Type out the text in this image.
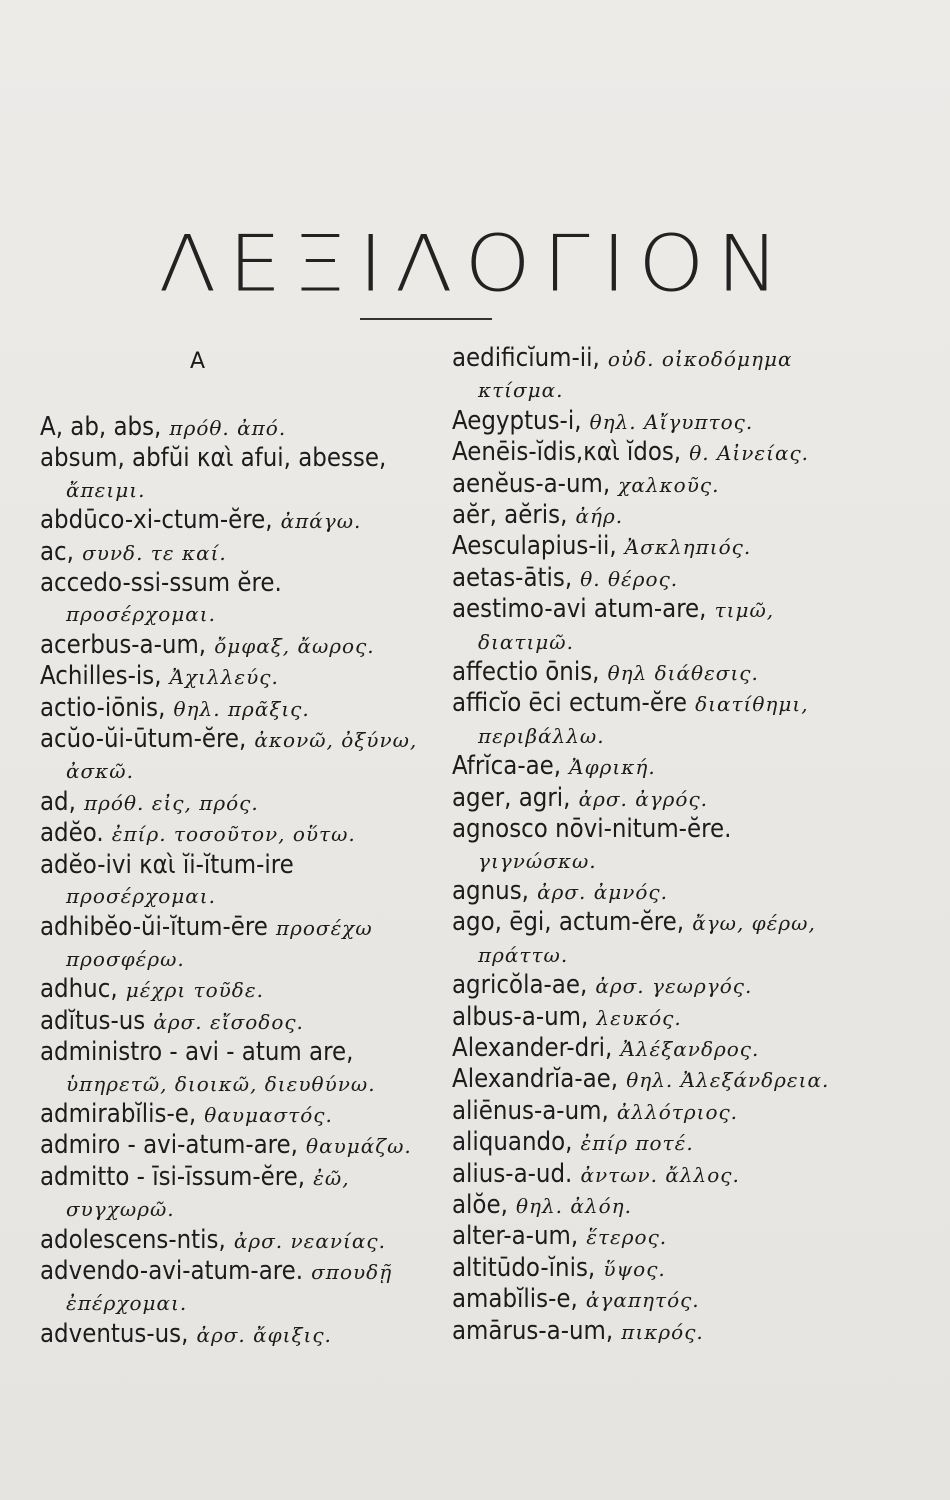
ΛΕΞΙΛΟΓΙΟΝ
A

A, ab, abs, πρόθ. ἀπό.

absum, abfŭi καὶ afui, abesse, ἄπειμι.

abdūco-xi-ctum-ĕre, ἀπάγω.

ac, συνδ. τε καί.

accedo-ssi-ssum ĕre. προσέρχομαι.

acerbus-a-um, ὄμφαξ, ἄωρος.

Achilles-is, Ἀχιλλεύς.

actio-iōnis, θηλ. πρᾶξις.

acŭo-ŭi-ūtum-ĕre, ἀκονῶ, ὀξύνω, ἀσκῶ.

ad, πρόθ. εἰς, πρός.

adĕo. ἐπίρ. τοσοῦτον, οὕτω.

adĕo-ivi καὶ ĭi-ĭtum-ire προσέρχομαι.

adhibĕo-ŭi-ĭtum-ēre προσέχω προσφέρω.

adhuc, μέχρι τοῦδε.

adĭtus-us ἀρσ. εἴσοδος.

administro - avi - atum are, ὑπηρετῶ, διοικῶ, διευθύνω.

admirabĭlis-e, θαυμαστός.

admiro - avi-atum-are, θαυμάζω.

admitto - īsi-īssum-ĕre, ἐῶ, συγχωρῶ.

adolescens-ntis, ἀρσ. νεανίας.

advendo-avi-atum-are. σπουδῇ ἐπέρχομαι.

adventus-us, ἀρσ. ἄφιξις.

aedificĭum-ii, οὐδ. οἰκοδόμημα κτίσμα.

Aegyptus-i, θηλ. Αἴγυπτος.

Aenēis-ĭdis,καὶ ĭdos, θ. Αἰνείας.

aenĕus-a-um, χαλκοῦς.

aĕr, aĕris, ἀήρ.

Aesculapius-ii, Ἀσκληπιός.

aetas-ātis, θ. θέρος.

aestimo-avi atum-are, τιμῶ, διατιμῶ.

affectio ōnis, θηλ διάθεσις.

afficĭo ēci ectum-ĕre διατίθημι, περιβάλλω.

Afrĭca-ae, Ἀφρική.

ager, agri, ἀρσ. ἀγρός.

agnosco nōvi-nitum-ĕre. γιγνώσκω.

agnus, ἀρσ. ἀμνός.

ago, ēgi, actum-ĕre, ἄγω, φέρω, πράττω.

agricŏla-ae, ἀρσ. γεωργός.

albus-a-um, λευκός.

Alexander-dri, Ἀλέξανδρος.

Alexandrĭa-ae, θηλ. Ἀλεξάνδρεια.

aliēnus-a-um, ἀλλότριος.

aliquando, ἐπίρ ποτέ.

alius-a-ud. ἀντων. ἄλλος.

alŏe, θηλ. ἀλόη.

alter-a-um, ἕτερος.

altitūdo-ĭnis, ὕψος.

amabĭlis-e, ἀγαπητός.

amārus-a-um, πικρός.
